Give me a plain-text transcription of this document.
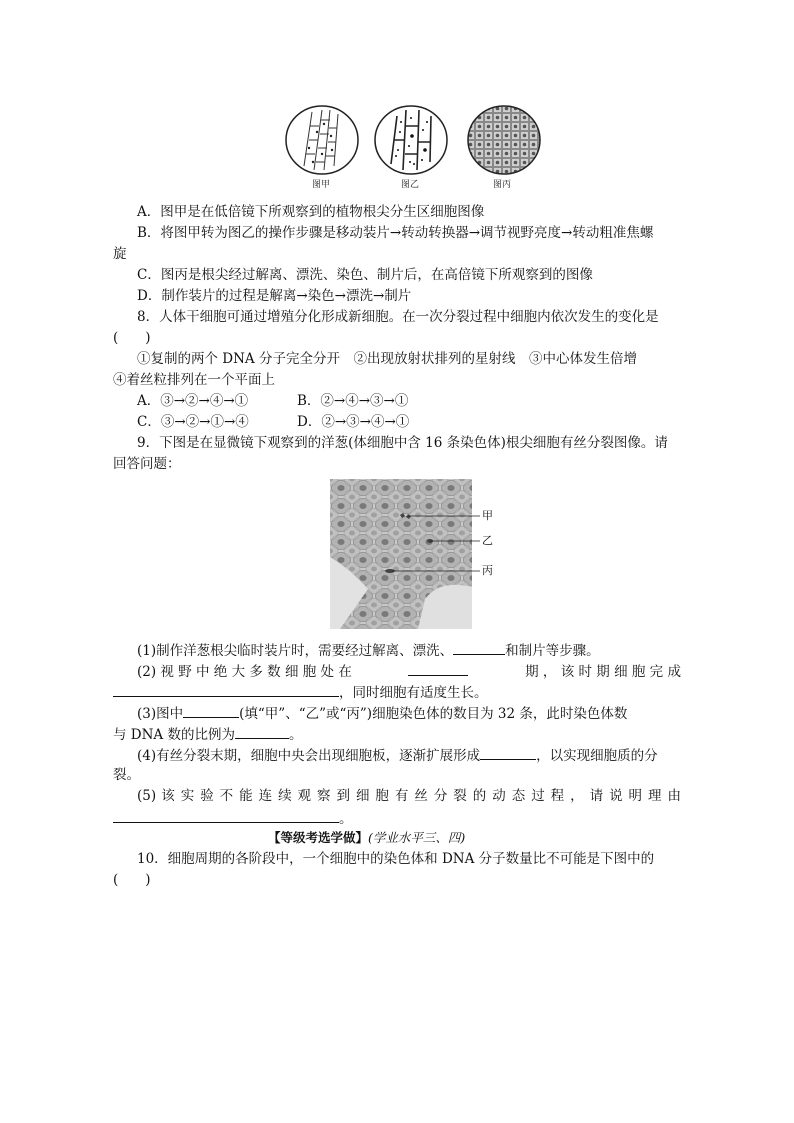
图甲	图乙	图丙
A．图甲是在低倍镜下所观察到的植物根尖分生区细胞图像
B．将图甲转为图乙的操作步骤是移动装片→转动转换器→调节视野亮度→转动粗准焦螺
旋
C．图丙是根尖经过解离、漂洗、染色、制片后，在高倍镜下所观察到的图像
D．制作装片的过程是解离→染色→漂洗→制片
8．人体干细胞可通过增殖分化形成新细胞。在一次分裂过程中细胞内依次发生的变化是
(　　)
①复制的两个 DNA 分子完全分开　②出现放射状排列的星射线　③中心体发生倍增
④着丝粒排列在一个平面上
A．③→②→④→①	B．②→④→③→①
C．③→②→①→④	D．②→③→④→①
9．下图是在显微镜下观察到的洋葱(体细胞中含 16 条染色体)根尖细胞有丝分裂图像。请
回答问题：
甲
乙
丙
(1)制作洋葱根尖临时装片时，需要经过解离、漂洗、	和制片等步骤。
(2) 视 野 中 绝 大 多 数 细 胞 处 在	期 ， 该 时 期 细 胞 完 成
，同时细胞有适度生长。
(3)图中	(填“甲”、“乙”或“丙”)细胞染色体的数目为 32 条，此时染色体数
与 DNA 数的比例为	。
(4)有丝分裂末期，细胞中央会出现细胞板，逐渐扩展形成	，以实现细胞质的分
裂。
(5) 该 实 验 不 能 连 续 观 察 到 细 胞 有 丝 分 裂 的 动 态 过 程 ， 请 说 明 理 由
。
【等级考选学做】(学业水平三、四)
10．细胞周期的各阶段中，一个细胞中的染色体和 DNA 分子数量比不可能是下图中的
(　　)
